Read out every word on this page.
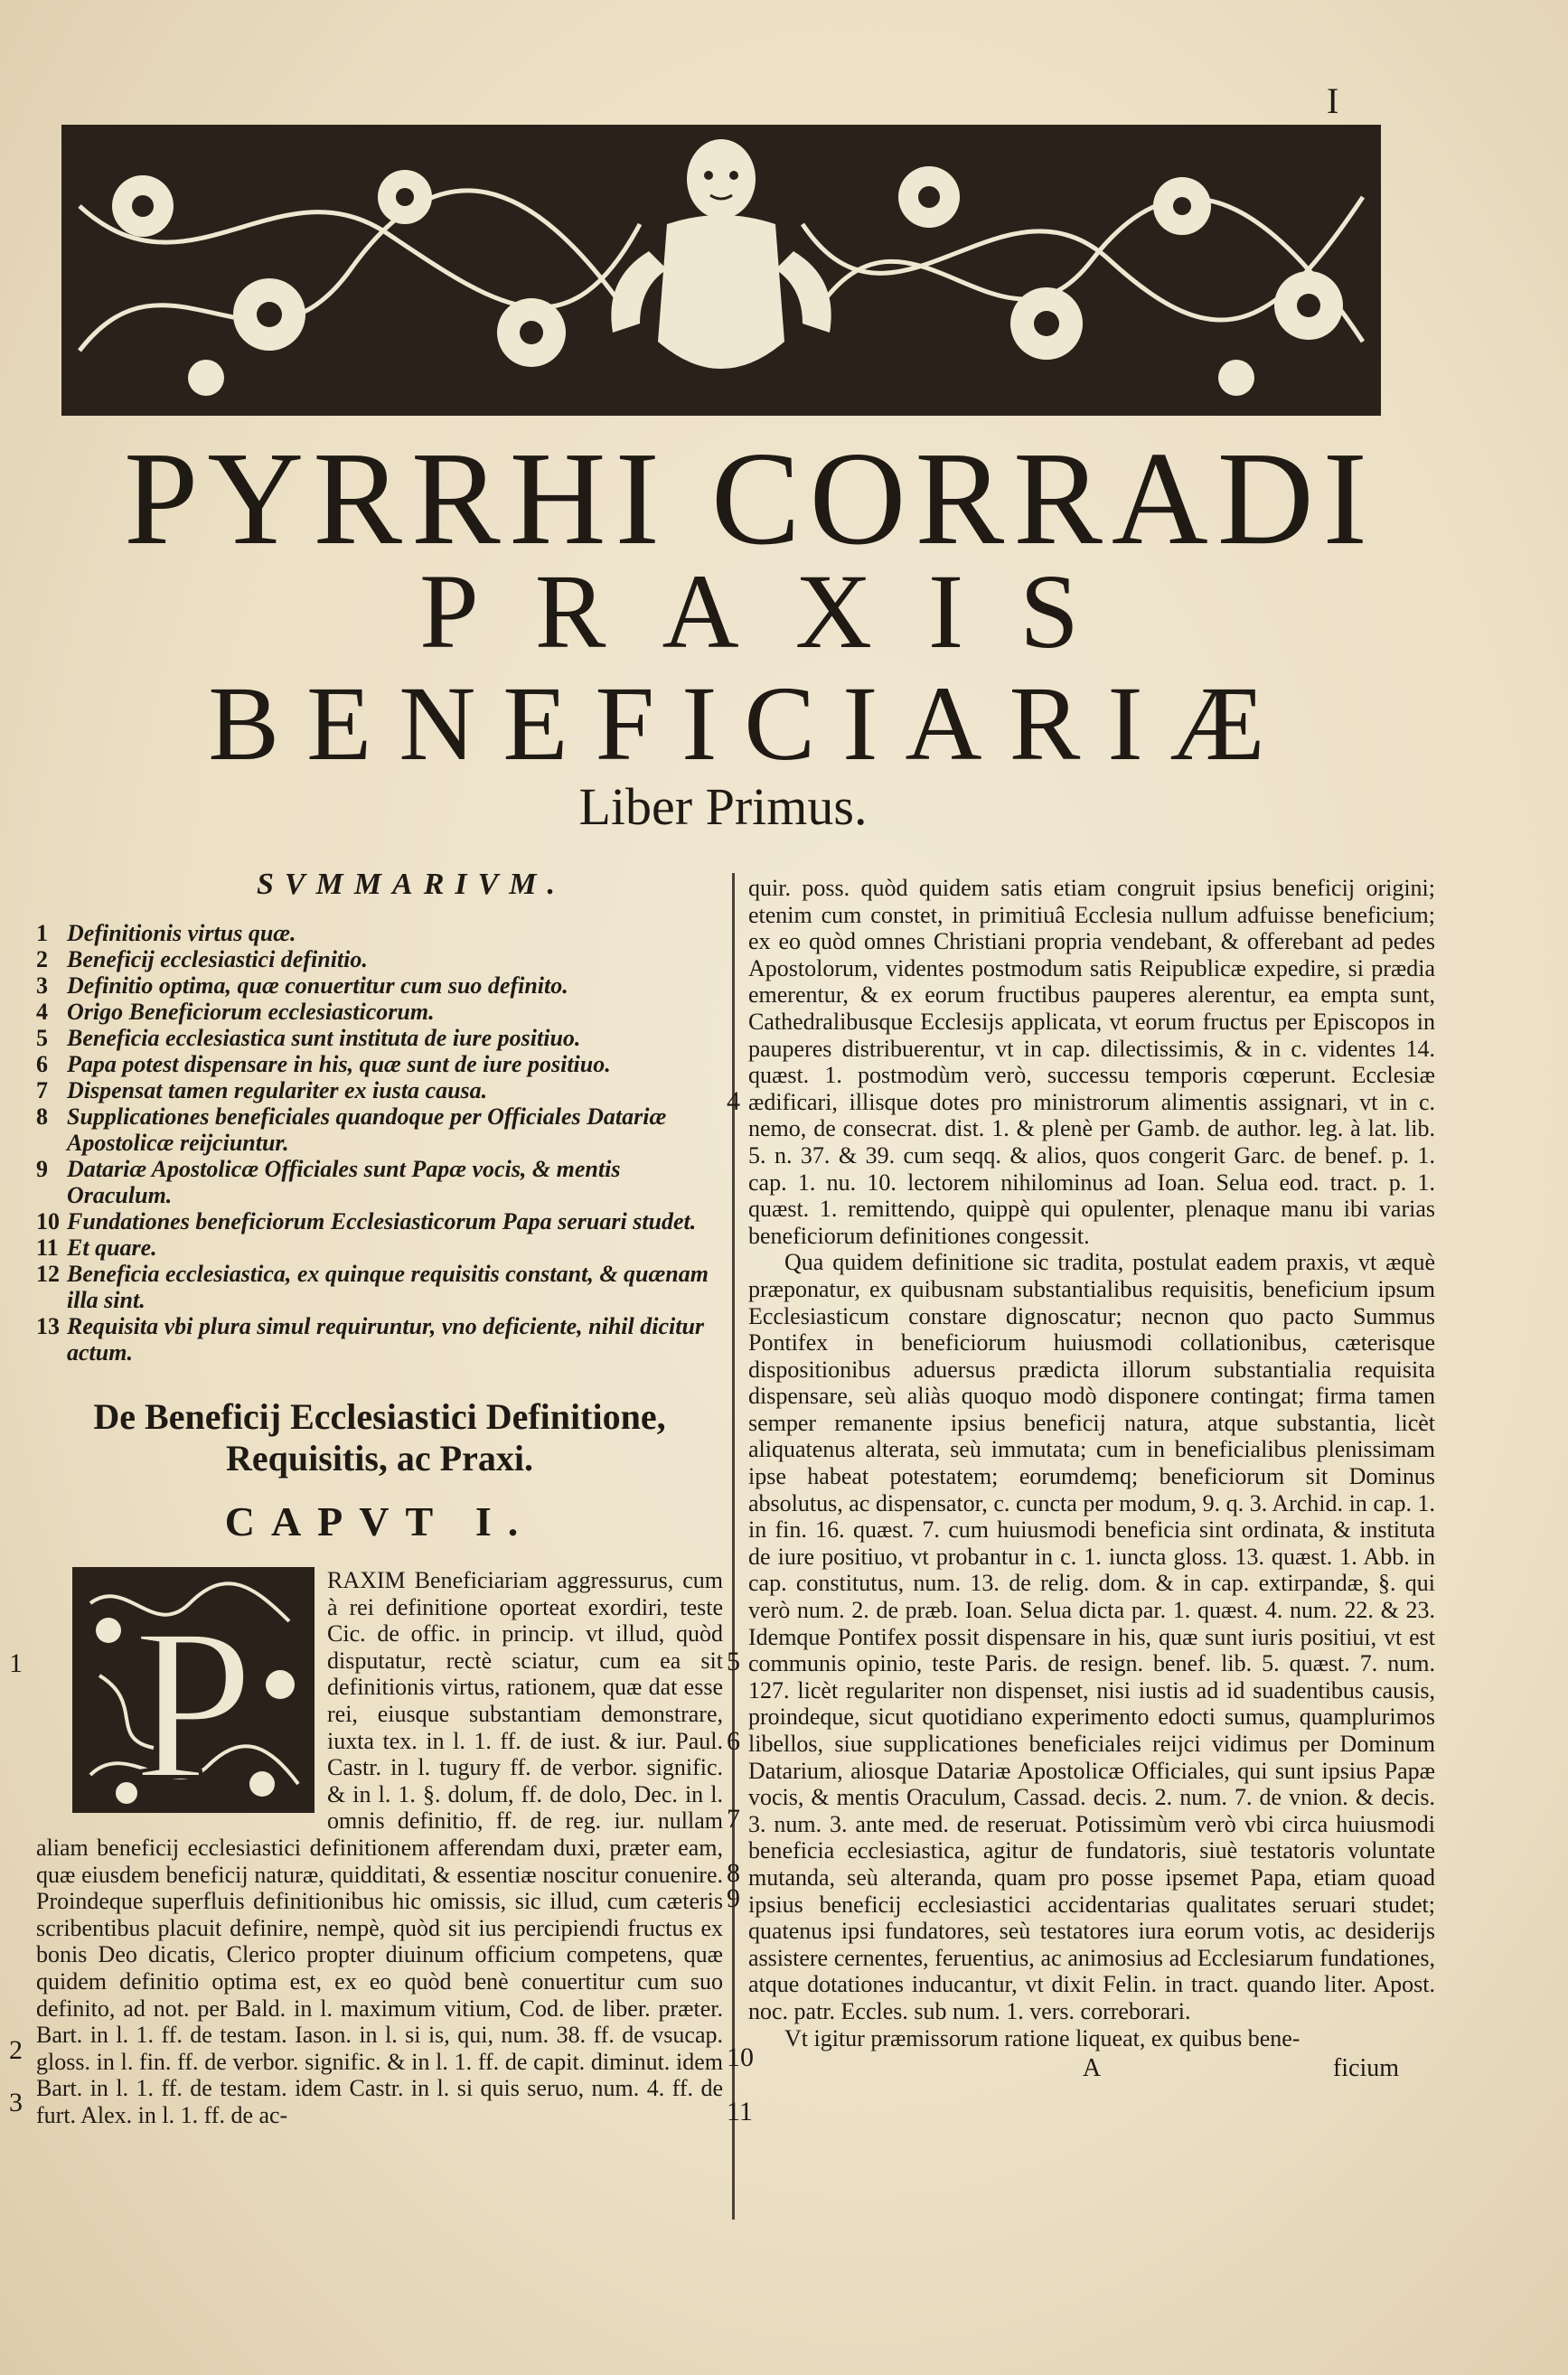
I
PYRRHI CORRADI
PRAXIS
BENEFICIARIÆ
Liber Primus.
SVMMARIVM.
1 Definitionis virtus quæ.
2 Beneficij ecclesiastici definitio.
3 Definitio optima, quæ conuertitur cum suo definito.
4 Origo Beneficiorum ecclesiasticorum.
5 Beneficia ecclesiastica sunt instituta de iure positiuo.
6 Papa potest dispensare in his, quæ sunt de iure positiuo.
7 Dispensat tamen regulariter ex iusta causa.
8 Supplicationes beneficiales quandoque per Officiales Datariæ Apostolicæ reijciuntur.
9 Datariæ Apostolicæ Officiales sunt Papæ vocis, & mentis Oraculum.
10 Fundationes beneficiorum Ecclesiasticorum Papa seruari studet.
11 Et quare.
12 Beneficia ecclesiastica, ex quinque requisitis constant, & quænam illa sint.
13 Requisita vbi plura simul requiruntur, vno deficiente, nihil dicitur actum.
De Beneficij Ecclesiastici Definitione, Requisitis, ac Praxi.
CAPVT I.
P
RAXIM Beneficiariam aggressurus, cum à rei definitione oporteat exordiri, teste Cic. de offic. in princip. vt illud, quòd disputatur, rectè sciatur, cum ea sit definitionis virtus, rationem, quæ dat esse rei, eiusque substantiam demonstrare, iuxta tex. in l. 1. ff. de iust. & iur. Paul. Castr. in l. tugury ff. de verbor. signific. & in l. 1. §. dolum, ff. de dolo, Dec. in l. omnis definitio, ff. de reg. iur. nullam aliam beneficij ecclesiastici definitionem afferendam duxi, præter eam, quæ eiusdem beneficij naturæ, quidditati, & essentiæ noscitur conuenire. Proindeque superfluis definitionibus hic omissis, sic illud, cum cæteris scribentibus placuit definire, nempè, quòd sit ius percipiendi fructus ex bonis Deo dicatis, Clerico propter diuinum officium competens, quæ quidem definitio optima est, ex eo quòd benè conuertitur cum suo definito, ad not. per Bald. in l. maximum vitium, Cod. de liber. præter. Bart. in l. 1. ff. de testam. Iason. in l. si is, qui, num. 38. ff. de vsucap. gloss. in l. fin. ff. de verbor. signific. & in l. 1. ff. de capit. diminut. idem Bart. in l. 1. ff. de testam. idem Castr. in l. si quis seruo, num. 4. ff. de furt. Alex. in l. 1. ff. de ac-
1
2
3

quir. poss. quòd quidem satis etiam congruit ipsius beneficij origini; etenim cum constet, in primitiuâ Ecclesia nullum adfuisse beneficium; ex eo quòd omnes Christiani propria vendebant, & offerebant ad pedes Apostolorum, videntes postmodum satis Reipublicæ expedire, si prædia emerentur, & ex eorum fructibus pauperes alerentur, ea empta sunt, Cathedralibusque Ecclesijs applicata, vt eorum fructus per Episcopos in pauperes distribuerentur, vt in cap. dilectissimis, & in c. videntes 14. quæst. 1. postmodùm verò, successu temporis cœperunt. Ecclesiæ ædificari, illisque dotes pro ministrorum alimentis assignari, vt in c. nemo, de consecrat. dist. 1. & plenè per Gamb. de author. leg. à lat. lib. 5. n. 37. & 39. cum seqq. & alios, quos congerit Garc. de benef. p. 1. cap. 1. nu. 10. lectorem nihilominus ad Ioan. Selua eod. tract. p. 1. quæst. 1. remittendo, quippè qui opulenter, plenaque manu ibi varias beneficiorum definitiones congessit.

Qua quidem definitione sic tradita, postulat eadem praxis, vt æquè præponatur, ex quibusnam substantialibus requisitis, beneficium ipsum Ecclesiasticum constare dignoscatur; necnon quo pacto Summus Pontifex in beneficiorum huiusmodi collationibus, cæterisque dispositionibus aduersus prædicta illorum substantialia requisita dispensare, seù aliàs quoquo modò disponere contingat; firma tamen semper remanente ipsius beneficij natura, atque substantia, licèt aliquatenus alterata, seù immutata; cum in beneficialibus plenissimam ipse habeat potestatem; eorumdemq; beneficiorum sit Dominus absolutus, ac dispensator, c. cuncta per modum, 9. q. 3. Archid. in cap. 1. in fin. 16. quæst. 7. cum huiusmodi beneficia sint ordinata, & instituta de iure positiuo, vt probantur in c. 1. iuncta gloss. 13. quæst. 1. Abb. in cap. constitutus, num. 13. de relig. dom. & in cap. extirpandæ, §. qui verò num. 2. de præb. Ioan. Selua dicta par. 1. quæst. 4. num. 22. & 23. Idemque Pontifex possit dispensare in his, quæ sunt iuris positiui, vt est communis opinio, teste Paris. de resign. benef. lib. 5. quæst. 7. num. 127. licèt regulariter non dispenset, nisi iustis ad id suadentibus causis, proindeque, sicut quotidiano experimento edocti sumus, quamplurimos libellos, siue supplicationes beneficiales reijci vidimus per Dominum Datarium, aliosque Datariæ Apostolicæ Officiales, qui sunt ipsius Papæ vocis, & mentis Oraculum, Cassad. decis. 2. num. 7. de vnion. & decis. 3. num. 3. ante med. de reseruat. Potissimùm verò vbi circa huiusmodi beneficia ecclesiastica, agitur de fundatoris, siuè testatoris voluntate mutanda, seù alteranda, quam pro posse ipsemet Papa, etiam quoad ipsius beneficij ecclesiastici accidentarias qualitates seruari studet; quatenus ipsi fundatores, seù testatores iura eorum votis, ac desiderijs assistere cernentes, feruentius, ac animosius ad Ecclesiarum fundationes, atque dotationes inducantur, vt dixit Felin. in tract. quando liter. Apost. noc. patr. Eccles. sub num. 1. vers. correborari.

Vt igitur præmissorum ratione liqueat, ex quibus bene-

4
5
6
7
8
9
10
11
A	ficium
